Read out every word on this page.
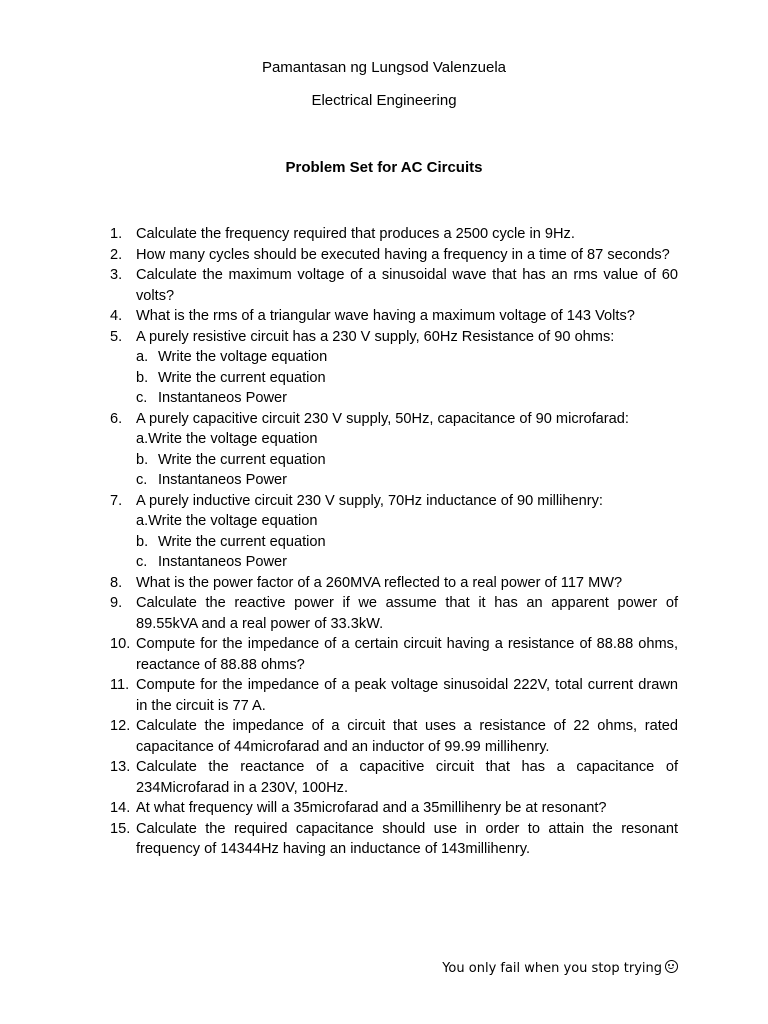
Pamantasan ng Lungsod Valenzuela
Electrical Engineering
Problem Set for AC Circuits
1. Calculate the frequency required that produces a 2500 cycle in 9Hz.
2. How many cycles should be executed having a frequency in a time of 87 seconds?
3. Calculate the maximum voltage of a sinusoidal wave that has an rms value of 60 volts?
4. What is the rms of a triangular wave having a maximum voltage of 143 Volts?
5. A purely resistive circuit has a 230 V supply, 60Hz Resistance of 90 ohms:
a. Write the voltage equation
b. Write the current equation
c. Instantaneos Power
6. A purely capacitive circuit 230 V supply, 50Hz, capacitance of 90 microfarad:
a.Write the voltage equation
b. Write the current equation
c. Instantaneos Power
7. A purely inductive circuit 230 V supply, 70Hz inductance of 90 millihenry:
a.Write the voltage equation
b. Write the current equation
c. Instantaneos Power
8. What is the power factor of a 260MVA reflected to a real power of 117 MW?
9. Calculate the reactive power if we assume that it has an apparent power of 89.55kVA and a real power of 33.3kW.
10. Compute for the impedance of a certain circuit having a resistance of 88.88 ohms, reactance of 88.88 ohms?
11. Compute for the impedance of a peak voltage sinusoidal 222V, total current drawn in the circuit is 77 A.
12. Calculate the impedance of a circuit that uses a resistance of 22 ohms, rated capacitance of 44microfarad and an inductor of 99.99 millihenry.
13. Calculate the reactance of a capacitive circuit that has a capacitance of 234Microfarad in a 230V, 100Hz.
14. At what frequency will a 35microfarad and a 35millihenry be at resonant?
15. Calculate the required capacitance should use in order to attain the resonant frequency of 14344Hz having an inductance of 143millihenry.
You only fail when you stop trying
